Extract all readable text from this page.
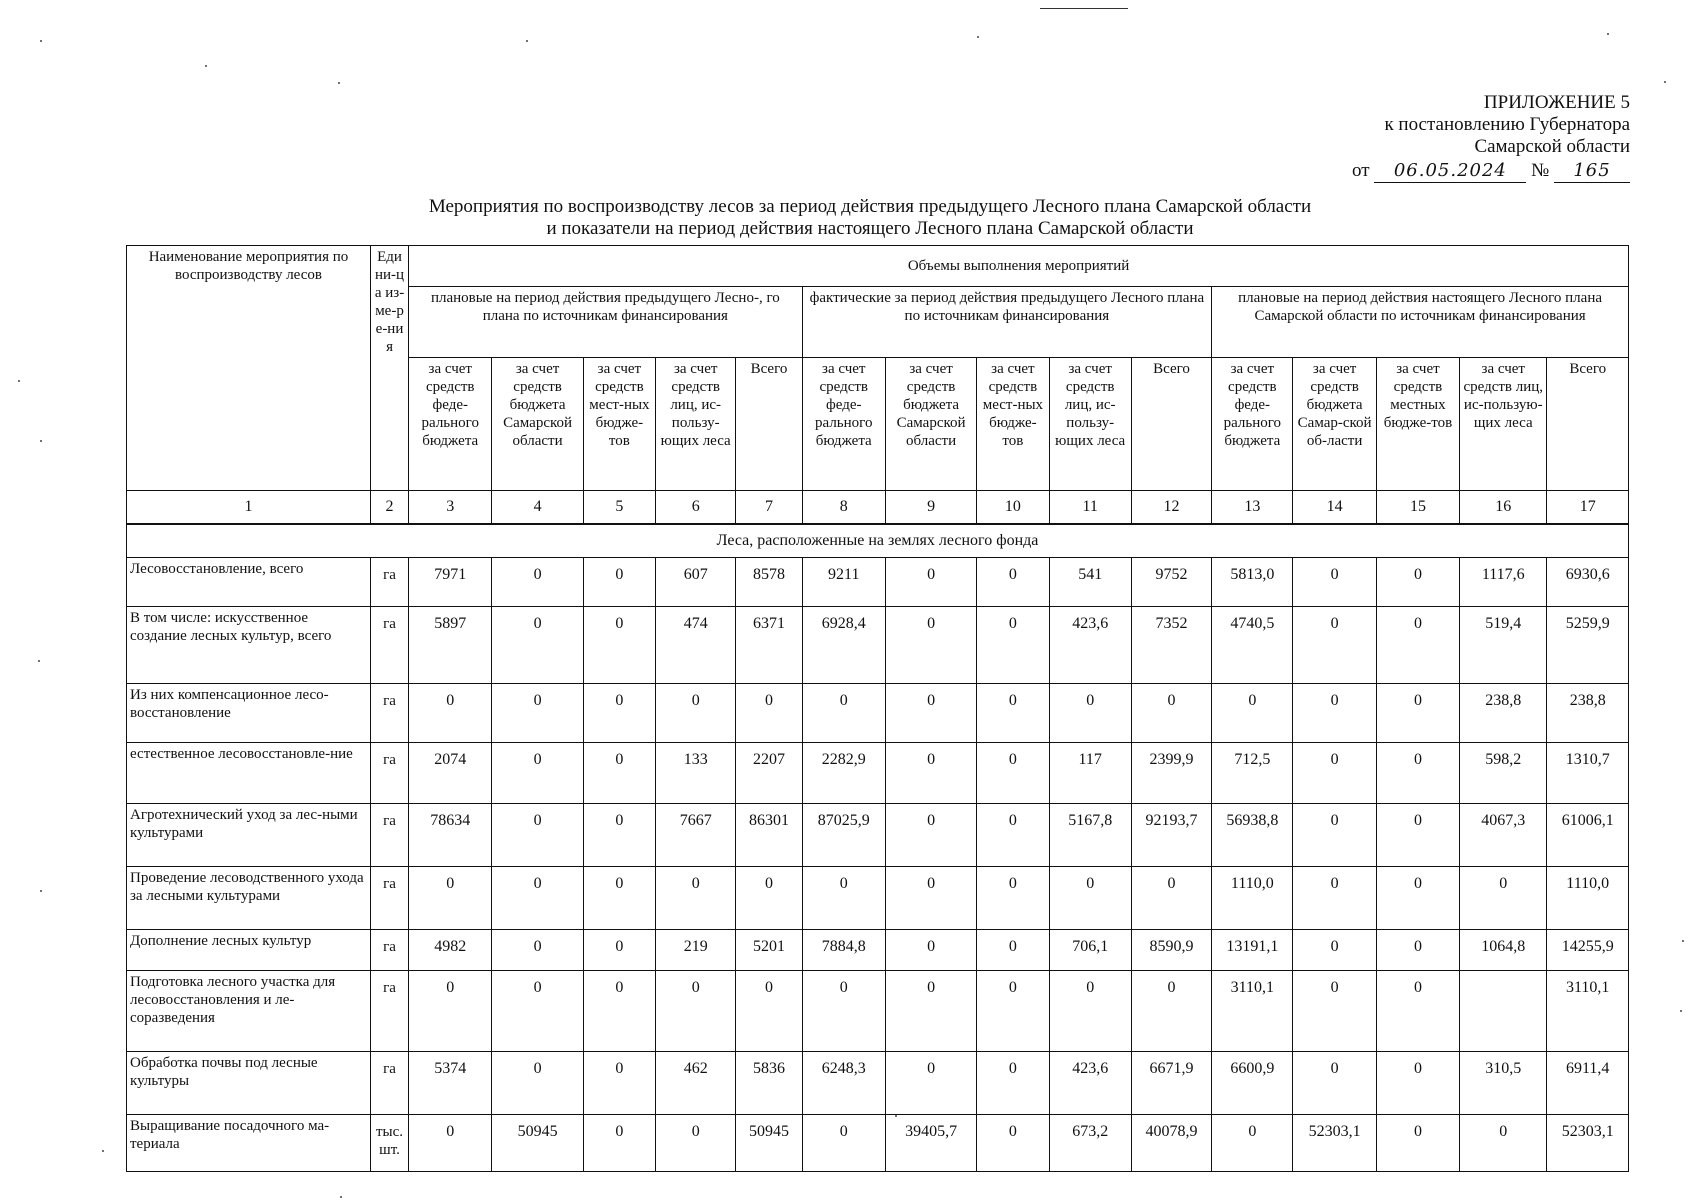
ПРИЛОЖЕНИЕ 5
к постановлению Губернатора
Самарской области
от 06.05.2024 № 165
Мероприятия по воспроизводству лесов за период действия предыдущего Лесного плана Самарской области
и показатели на период действия настоящего Лесного плана Самарской области
Наименование мероприятия по воспроизводству лесов	Еди ни-ца из-ме-ре-ния	Объемы выполнения мероприятий														
		плановые на период действия предыдущего Лесно-, го плана по источникам финансирования					фактические за период действия предыдущего Лесного плана по источникам финансирования					плановые на период действия настоящего Лесного плана Самарской области по источникам финансирования				
		за счет средств феде-рального бюджета	за счет средств бюджета Самарской области	за счет средств мест-ных бюдже-тов	за счет средств лиц, ис-пользу-ющих леса	Всего	за счет средств феде-рального бюджета	за счет средств бюджета Самарской области	за счет средств мест-ных бюдже-тов	за счет средств лиц, ис-пользу-ющих леса	Всего	за счет средств феде-рального бюджета	за счет средств бюджета Самар-ской об-ласти	за счет средств местных бюдже-тов	за счет средств лиц, ис-пользую-щих леса	Всего
1	2	3	4	5	6	7	8	9	10	11	12	13	14	15	16	17
Леса, расположенные на землях лесного фонда																
Лесовосстановление, всего	га	7971	0	0	607	8578	9211	0	0	541	9752	5813,0	0	0	1117,6	6930,6
В том числе: искусственное создание лесных культур, всего	га	5897	0	0	474	6371	6928,4	0	0	423,6	7352	4740,5	0	0	519,4	5259,9
Из них компенсационное лесо-восстановление	га	0	0	0	0	0	0	0	0	0	0	0	0	0	238,8	238,8
естественное лесовосстановле-ние	га	2074	0	0	133	2207	2282,9	0	0	117	2399,9	712,5	0	0	598,2	1310,7
Агротехнический уход за лес-ными культурами	га	78634	0	0	7667	86301	87025,9	0	0	5167,8	92193,7	56938,8	0	0	4067,3	61006,1
Проведение лесоводственного ухода за лесными культурами	га	0	0	0	0	0	0	0	0	0	0	1110,0	0	0	0	1110,0
Дополнение лесных культур	га	4982	0	0	219	5201	7884,8	0	0	706,1	8590,9	13191,1	0	0	1064,8	14255,9
Подготовка лесного участка для лесовосстановления и ле-соразведения	га	0	0	0	0	0	0	0	0	0	0	3110,1	0	0		3110,1
Обработка почвы под лесные культуры	га	5374	0	0	462	5836	6248,3	0	0	423,6	6671,9	6600,9	0	0	310,5	6911,4
Выращивание посадочного ма-териала	тыс. шт.	0	50945	0	0	50945	0	39405,7	0	673,2	40078,9	0	52303,1	0	0	52303,1
